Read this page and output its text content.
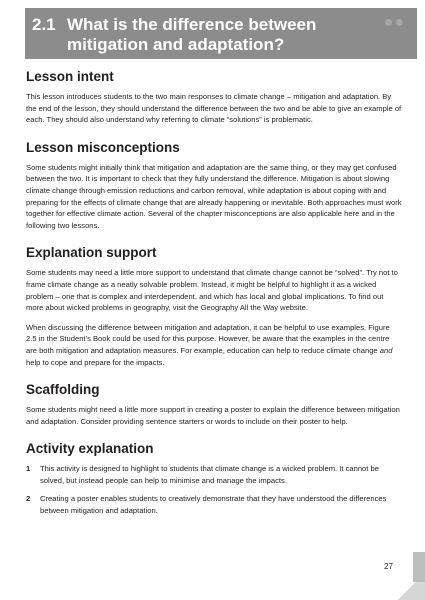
●●
2.1 What is the difference between mitigation and adaptation?
Lesson intent

This lesson introduces students to the two main responses to climate change – mitigation and adaptation. By the end of the lesson, they should understand the difference between the two and be able to give an example of each. They should also understand why referring to climate “solutions” is problematic.

Lesson misconceptions

Some students might initially think that mitigation and adaptation are the same thing, or they may get confused between the two. It is important to check that they fully understand the difference. Mitigation is about slowing climate change through emission reductions and carbon removal, while adaptation is about coping with and preparing for the effects of climate change that are already happening or inevitable. Both approaches must work together for effective climate action. Several of the chapter misconceptions are also applicable here and in the following two lessons.

Explanation support

Some students may need a little more support to understand that climate change cannot be “solved”. Try not to frame climate change as a neatly solvable problem. Instead, it might be helpful to highlight it as a wicked problem – one that is complex and interdependent, and which has local and global implications. To find out more about wicked problems in geography, visit the Geography All the Way website.

When discussing the difference between mitigation and adaptation, it can be helpful to use examples. Figure 2.5 in the Student’s Book could be used for this purpose. However, be aware that the examples in the centre are both mitigation and adaptation measures. For example, education can help to reduce climate change and help to cope and prepare for the impacts.

Scaffolding

Some students might need a little more support in creating a poster to explain the difference between mitigation and adaptation. Consider providing sentence starters or words to include on their poster to help.

Activity explanation
1 This activity is designed to highlight to students that climate change is a wicked problem. It cannot be solved, but instead people can help to minimise and manage the impacts.
2 Creating a poster enables students to creatively demonstrate that they have understood the differences between mitigation and adaptation.
27
